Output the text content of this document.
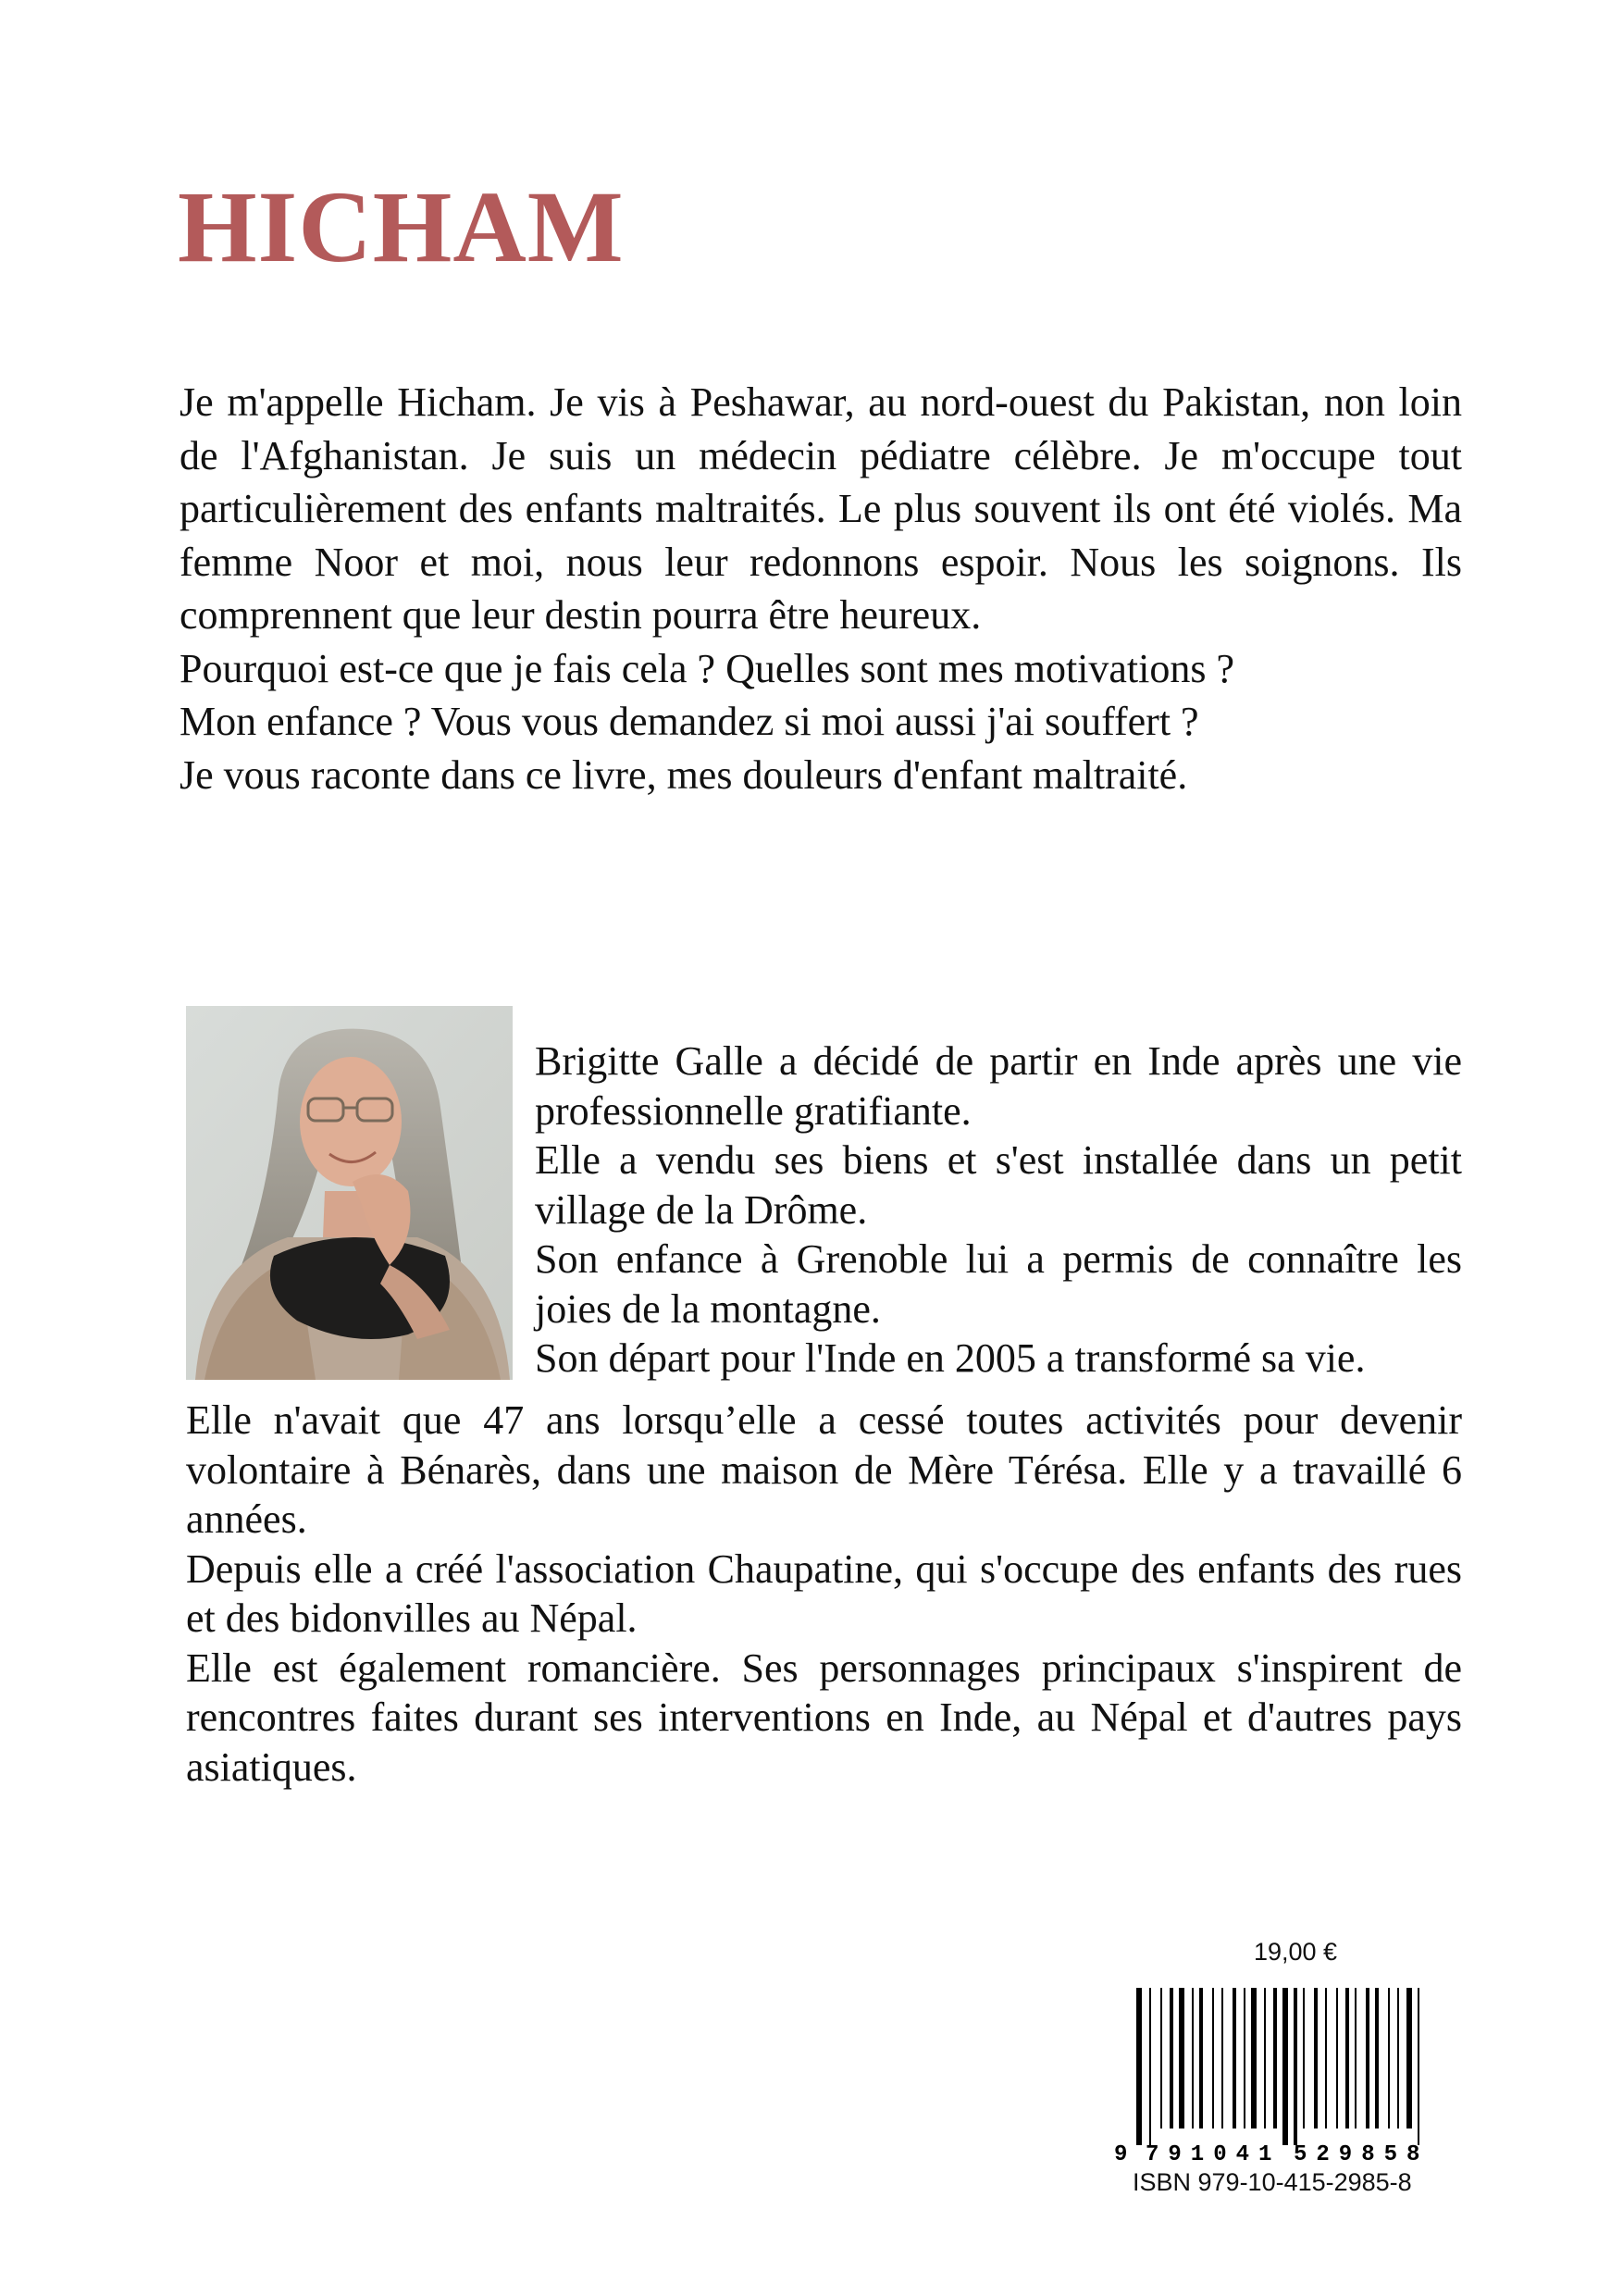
HICHAM

Je m'appelle Hicham. Je vis à Peshawar, au nord-ouest du Pakistan, non loin de l'Afghanistan. Je suis un médecin pédiatre célèbre. Je m'occupe tout particulièrement des enfants maltraités. Le plus souvent ils ont été violés. Ma femme Noor et moi, nous leur redonnons espoir. Nous les soignons. Ils comprennent que leur destin pourra être heureux.

Pourquoi est-ce que je fais cela ? Quelles sont mes motivations ?

Mon enfance ? Vous vous demandez si moi aussi j'ai souffert ?

Je vous raconte dans ce livre, mes douleurs d'enfant maltraité.

Brigitte Galle a décidé de partir en Inde après une vie professionnelle gratifiante.

Elle a vendu ses biens et s'est installée dans un petit village de la Drôme.

Son enfance à Grenoble lui a permis de connaître les joies de la montagne.

Son départ pour l'Inde en 2005 a transformé sa vie.

Elle n'avait que 47 ans lorsqu’elle a cessé toutes activités pour devenir volontaire à Bénarès, dans une maison de Mère Térésa. Elle y a travaillé 6 années.

Depuis elle a créé l'association Chaupatine, qui s'occupe des enfants des rues et des bidonvilles au Népal.

Elle est également romancière. Ses personnages principaux s'inspirent de rencontres faites durant ses interventions en Inde, au Népal et d'autres pays asiatiques.

19,00 €
9 791041 529858
ISBN 979-10-415-2985-8
